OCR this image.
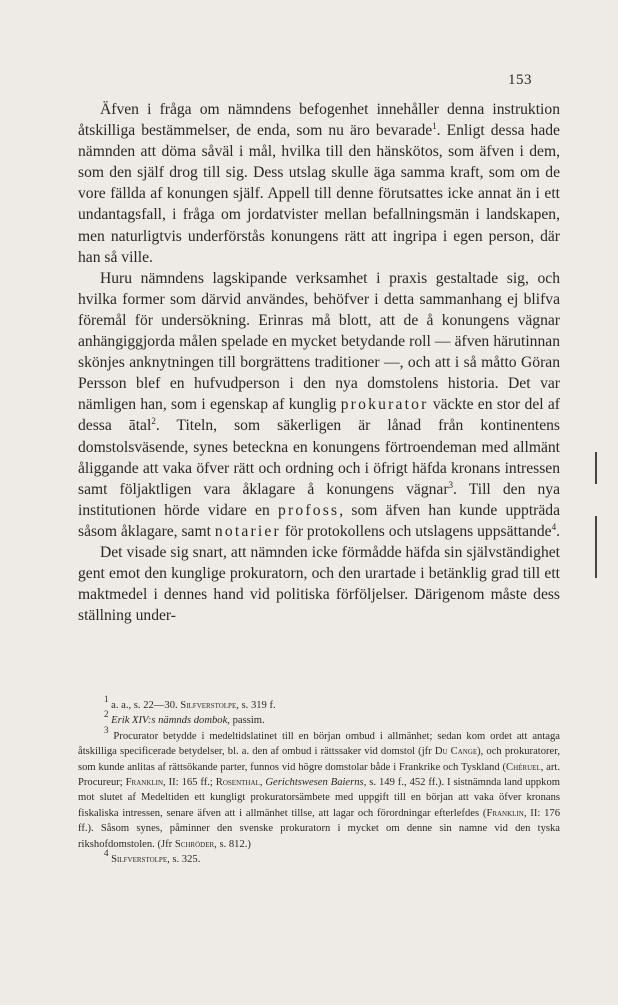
153

Äfven i fråga om nämndens befogenhet innehåller denna instruktion åtskilliga bestämmelser, de enda, som nu äro bevarade$^1$. Enligt dessa hade nämnden att döma såväl i mål, hvilka till den hänskötos, som äfven i dem, som den själf drog till sig. Dess utslag skulle äga samma kraft, som om de vore fällda af konungen själf. Appell till denne förutsattes icke annat än i ett undantagsfall, i fråga om jordatvister mellan befallningsmän i landskapen, men naturligtvis underförstås konungens rätt att ingripa i egen person, där han så ville.

Huru nämndens lagskipande verksamhet i praxis gestaltade sig, och hvilka former som därvid användes, behöfver i detta sammanhang ej blifva föremål för undersökning. Erinras må blott, att de å konungens vägnar anhängiggjorda målen spelade en mycket betydande roll — äfven härutinnan skönjes anknytningen till borgrättens traditioner —, och att i så måtto Göran Persson blef en hufvudperson i den nya domstolens historia. Det var nämligen han, som i egenskap af kunglig prokurator väckte en stor del af dessa ātal$^2$. Titeln, som säkerligen är lånad från kontinentens domstolsväsende, synes beteckna en konungens förtroendeman med allmänt åliggande att vaka öfver rätt och ordning och i öfrigt häfda kronans intressen samt följaktligen vara åklagare å konungens vägnar$^3$. Till den nya institutionen hörde vidare en profoss, som äfven han kunde uppträda såsom åklagare, samt notarier för protokollens och utslagens uppsättande$^4$.

Det visade sig snart, att nämnden icke förmådde häfda sin självständighet gent emot den kunglige prokuratorn, och den urartade i betänklig grad till ett maktmedel i dennes hand vid politiska förföljelser. Därigenom måste dess ställning under-

$^1$ a. a., s. 22—30. Silfverstolpe, s. 319 f.

$^2$ Erik XIV:s nämnds dombok, passim.

$^3$ Procurator betydde i medeltidslatinet till en början ombud i allmänhet; sedan kom ordet att antaga åtskilliga specificerade betydelser, bl. a. den af ombud i rättssaker vid domstol (jfr Du Cange), och prokuratorer, som kunde anlitas af rättsökande parter, funnos vid högre domstolar både i Frankrike och Tyskland (Chéruel, art. Procureur; Franklin, II: 165 ff.; Rosenthal, Gerichtswesen Baierns, s. 149 f., 452 ff.). I sistnämnda land uppkom mot slutet af Medeltiden ett kungligt prokuratorsämbete med uppgift till en början att vaka öfver kronans fiskaliska intressen, senare äfven att i allmänhet tillse, att lagar och förordningar efterlefdes (Franklin, II: 176 ff.). Såsom synes, påminner den svenske prokuratorn i mycket om denne sin namne vid den tyska rikshofdomstolen. (Jfr Schröder, s. 812.)

$^4$ Silfverstolpe, s. 325.
